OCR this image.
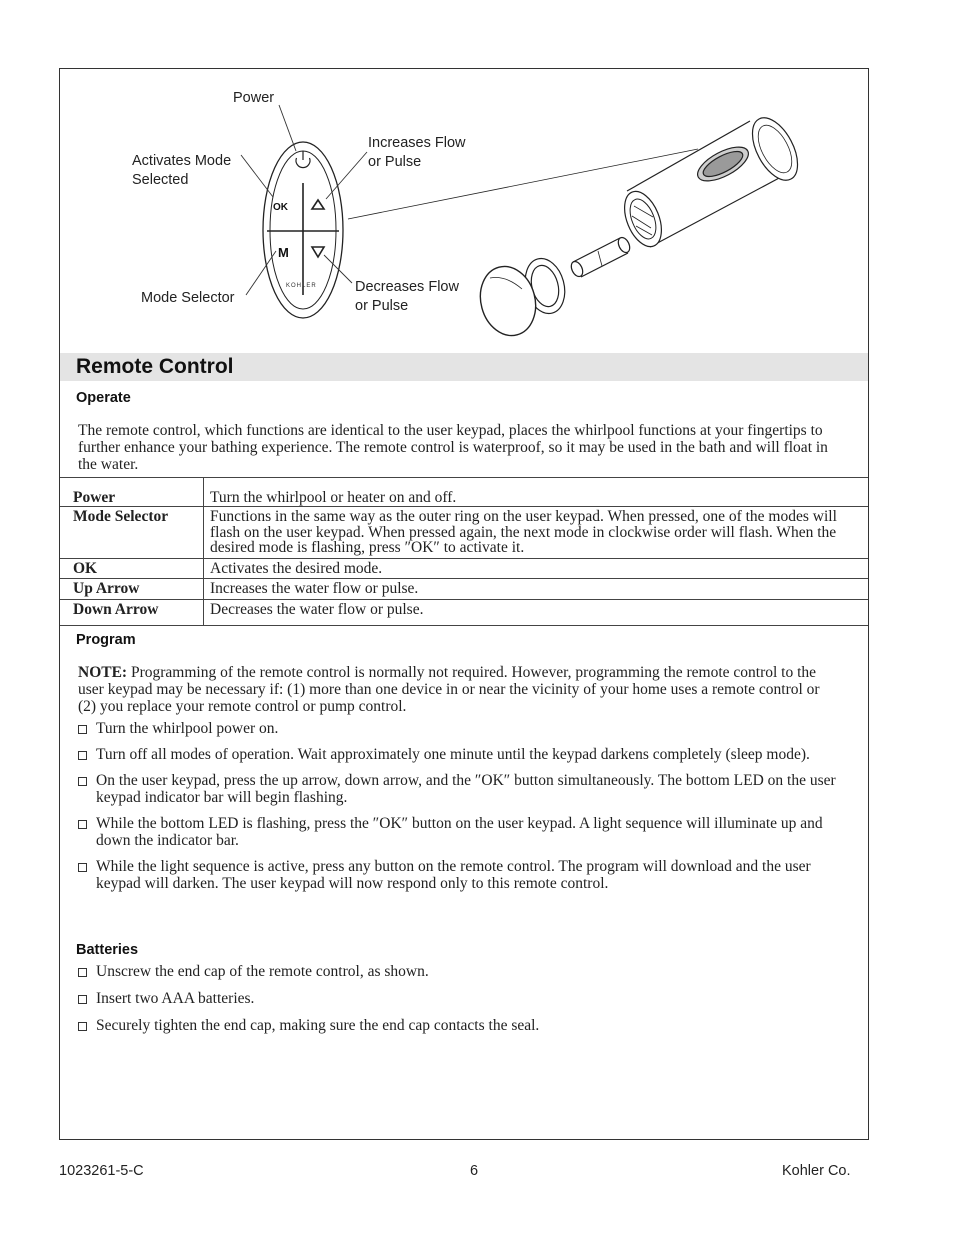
OK
M
KOHLER
Power
Activates Mode
Selected
Increases Flow
or Pulse
Mode Selector
Decreases Flow
or Pulse
Remote Control
Operate
The remote control, which functions are identical to the user keypad, places the whirlpool functions at your fingertips to further enhance your bathing experience. The remote control is waterproof, so it may be used in the bath and will float in the water.
Power	Turn the whirlpool or heater on and off.
Mode Selector	Functions in the same way as the outer ring on the user keypad. When pressed, one of the modes will flash on the user keypad. When pressed again, the next mode in clockwise order will flash. When the desired mode is flashing, press ″OK″ to activate it.
OK	Activates the desired mode.
Up Arrow	Increases the water flow or pulse.
Down Arrow	Decreases the water flow or pulse.
Program
NOTE: Programming of the remote control is normally not required. However, programming the remote control to the user keypad may be necessary if: (1) more than one device in or near the vicinity of your home uses a remote control or (2) you replace your remote control or pump control.
Turn the whirlpool power on.
Turn off all modes of operation. Wait approximately one minute until the keypad darkens completely (sleep mode).
On the user keypad, press the up arrow, down arrow, and the ″OK″ button simultaneously. The bottom LED on the user keypad indicator bar will begin flashing.
While the bottom LED is flashing, press the ″OK″ button on the user keypad. A light sequence will illuminate up and down the indicator bar.
While the light sequence is active, press any button on the remote control. The program will download and the user keypad will darken. The user keypad will now respond only to this remote control.
Batteries
Unscrew the end cap of the remote control, as shown.
Insert two AAA batteries.
Securely tighten the end cap, making sure the end cap contacts the seal.
1023261-5-C	6	Kohler Co.
